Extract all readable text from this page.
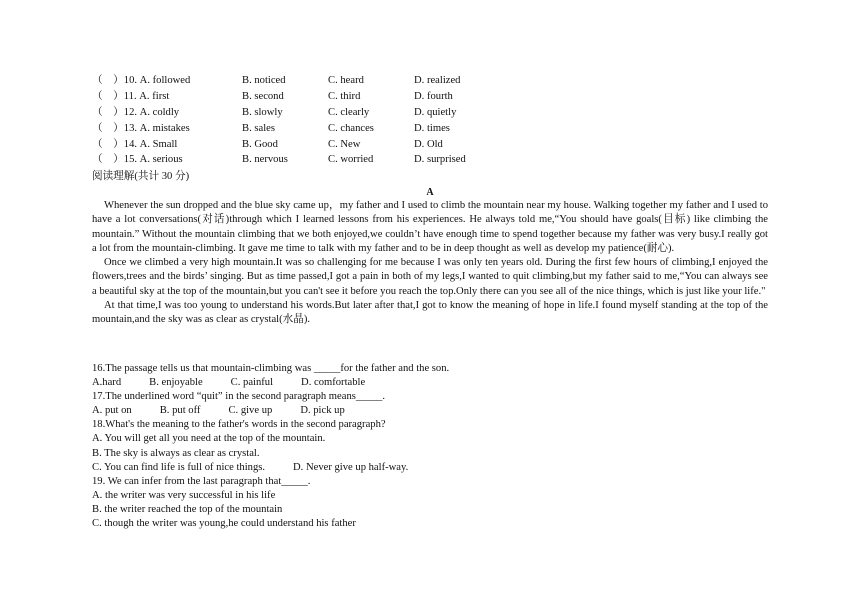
（　）10. A. followed	B. noticed	C. heard	D. realized
（　）11. A. first	B. second	C. third	D. fourth
（　）12. A. coldly	B. slowly	C. clearly	D. quietly
（　）13. A. mistakes	B. sales	C. chances	D. times
（　）14. A. Small	B. Good	C. New	D. Old
（　）15. A. serious	B. nervous	C. worried	D. surprised
阅读理解(共计 30 分)
A

Whenever the sun dropped and the blue sky came up，my father and I used to climb the mountain near my house. Walking together my father and I used to have a lot conversations(对话)through which I learned lessons from his experiences. He always told me,“You should have goals(目标) like climbing the mountain.” Without the mountain climbing that we both enjoyed,we couldn’t have enough time to spend together because my father was very busy.I really got a lot from the mountain-climbing. It gave me time to talk with my father and to be in deep thought as well as develop my patience(耐心).

Once we climbed a very high mountain.It was so challenging for me because I was only ten years old. During the first few hours of climbing,I enjoyed the flowers,trees and the birds’ singing. But as time passed,I got a pain in both of my legs,I wanted to quit climbing,but my father said to me,“You can always see a beautiful sky at the top of the mountain,but you can't see it before you reach the top.Only there can you see all of the nice things, which is just like your life."

At that time,I was too young to understand his words.But later after that,I got to know the meaning of hope in life.I found myself standing at the top of the mountain,and the sky was as clear as crystal(水晶).

16.The passage tells us that mountain-climbing was _____for the father and the son.
A.hard	B. enjoyable	C. painful	D. comfortable
17.The underlined word “quit” in the second paragraph means_____.
A. put on	B. put off	C. give up	D. pick up
18.What's the meaning to the father's words in the second paragraph?
A. You will get all you need at the top of the mountain.
B. The sky is always as clear as crystal.
C. You can find life is full of nice things.	D. Never give up half-way.
19. We can infer from the last paragraph that_____.
A. the writer was very successful in his life
B. the writer reached the top of the mountain
C. though the writer was young,he could understand his father
